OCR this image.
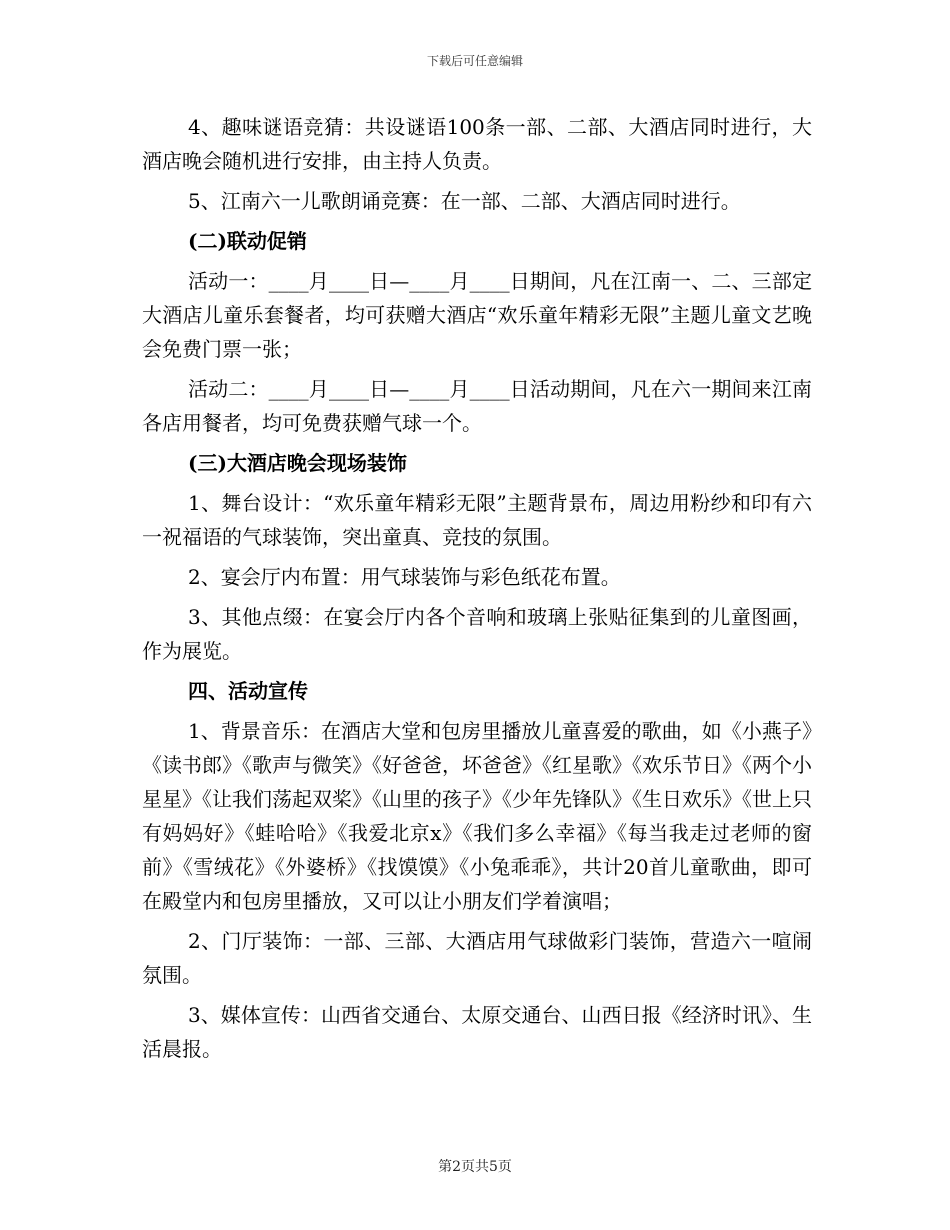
下载后可任意编辑

4、趣味谜语竞猜：共设谜语100条一部、二部、大酒店同时进行，大酒店晚会随机进行安排，由主持人负责。

5、江南六一儿歌朗诵竞赛：在一部、二部、大酒店同时进行。

(二)联动促销

活动一：____月____日—____月____日期间，凡在江南一、二、三部定大酒店儿童乐套餐者，均可获赠大酒店“欢乐童年精彩无限”主题儿童文艺晚会免费门票一张；

活动二：____月____日—____月____日活动期间，凡在六一期间来江南各店用餐者，均可免费获赠气球一个。

(三)大酒店晚会现场装饰

1、舞台设计：“欢乐童年精彩无限”主题背景布，周边用粉纱和印有六一祝福语的气球装饰，突出童真、竞技的氛围。

2、宴会厅内布置：用气球装饰与彩色纸花布置。

3、其他点缀：在宴会厅内各个音响和玻璃上张贴征集到的儿童图画，作为展览。

四、活动宣传

1、背景音乐：在酒店大堂和包房里播放儿童喜爱的歌曲，如《小燕子》《读书郎》《歌声与微笑》《好爸爸，坏爸爸》《红星歌》《欢乐节日》《两个小星星》《让我们荡起双桨》《山里的孩子》《少年先锋队》《生日欢乐》《世上只有妈妈好》《蛙哈哈》《我爱北京x》《我们多么幸福》《每当我走过老师的窗前》《雪绒花》《外婆桥》《找馍馍》《小兔乖乖》，共计20首儿童歌曲，即可在殿堂内和包房里播放，又可以让小朋友们学着演唱；

2、门厅装饰：一部、三部、大酒店用气球做彩门装饰，营造六一喧闹氛围。

3、媒体宣传：山西省交通台、太原交通台、山西日报《经济时讯》、生活晨报。

第2页共5页
